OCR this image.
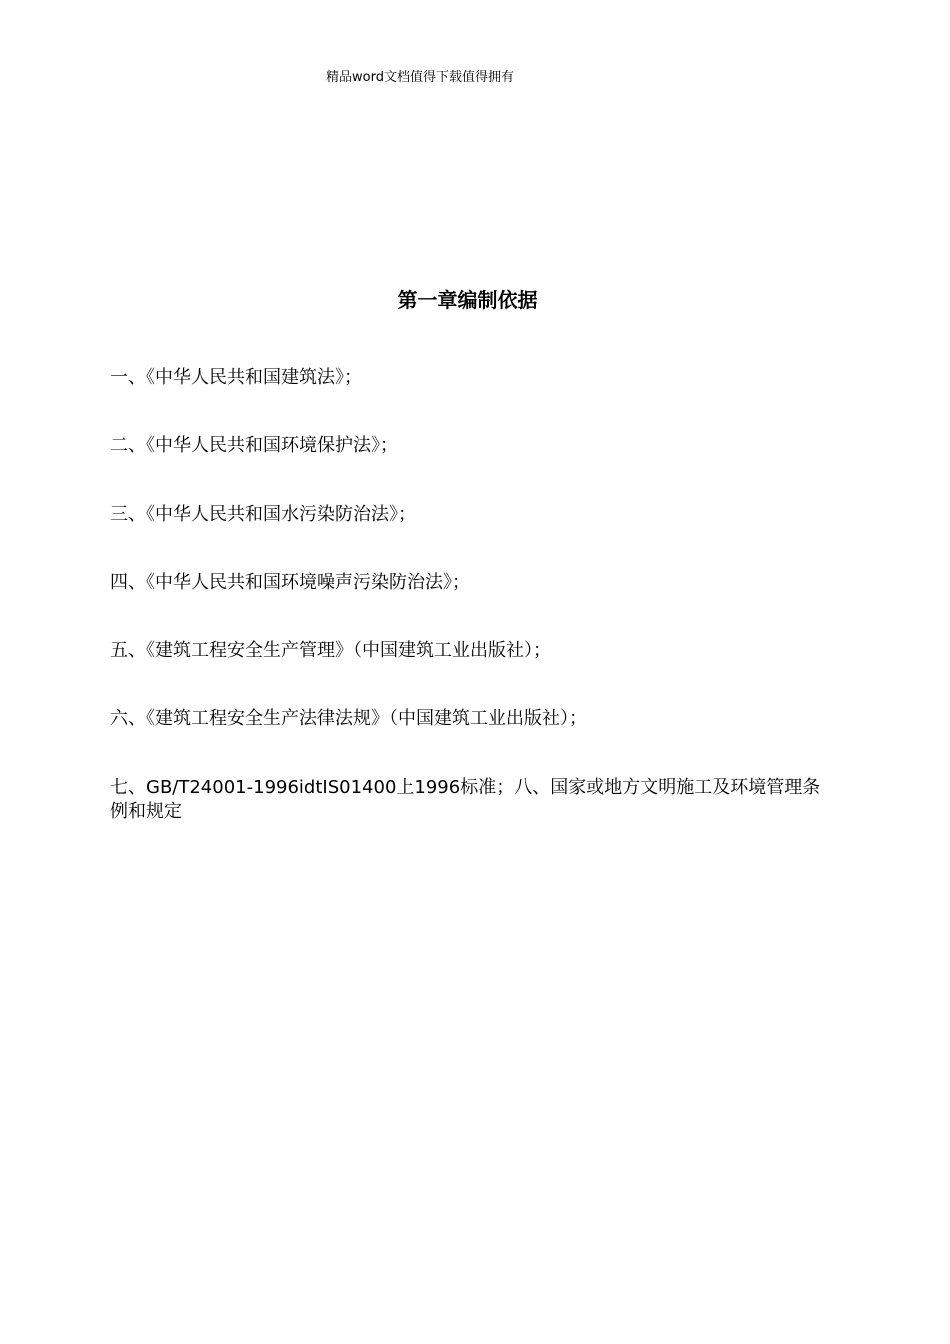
精品word文档值得下载值得拥有
第一章编制依据
一、《中华人民共和国建筑法》；
二、《中华人民共和国环境保护法》；
三、《中华人民共和国水污染防治法》；
四、《中华人民共和国环境噪声污染防治法》；
五、《建筑工程安全生产管理》（中国建筑工业出版社）；
六、《建筑工程安全生产法律法规》（中国建筑工业出版社）；
七、GB/T24001-1996idtIS01400上1996标准；八、国家或地方文明施工及环境管理条例和规定
